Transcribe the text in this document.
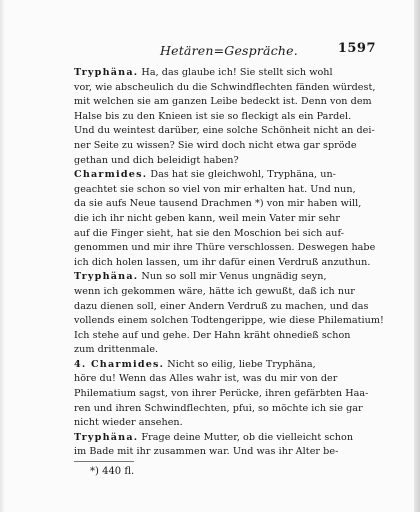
Hetären=Gespräche.	1597
Tryphäna. Ha, das glaube ich! Sie stellt sich wohl
vor, wie abscheulich du die Schwindflechten fänden würdest,
mit welchen sie am ganzen Leibe bedeckt ist. Denn von dem
Halse bis zu den Knieen ist sie so fleckigt als ein Pardel.
Und du weintest darüber, eine solche Schönheit nicht an dei-
ner Seite zu wissen? Sie wird doch nicht etwa gar spröde
gethan und dich beleidigt haben?
Charmides. Das hat sie gleichwohl, Tryphäna, un-
geachtet sie schon so viel von mir erhalten hat. Und nun,
da sie aufs Neue tausend Drachmen *) von mir haben will,
die ich ihr nicht geben kann, weil mein Vater mir sehr
auf die Finger sieht, hat sie den Moschion bei sich auf-
genommen und mir ihre Thüre verschlossen. Deswegen habe
ich dich holen lassen, um ihr dafür einen Verdruß anzuthun.
Tryphäna. Nun so soll mir Venus ungnädig seyn,
wenn ich gekommen wäre, hätte ich gewußt, daß ich nur
dazu dienen soll, einer Andern Verdruß zu machen, und das
vollends einem solchen Todtengerippe, wie diese Philematium!
Ich stehe auf und gehe. Der Hahn kräht ohnedieß schon
zum drittenmale.
4. Charmides. Nicht so eilig, liebe Tryphäna,
höre du! Wenn das Alles wahr ist, was du mir von der
Philematium sagst, von ihrer Perücke, ihren gefärbten Haa-
ren und ihren Schwindflechten, pfui, so möchte ich sie gar
nicht wieder ansehen.
Tryphäna. Frage deine Mutter, ob die vielleicht schon
im Bade mit ihr zusammen war. Und was ihr Alter be-
*) 440 fl.
